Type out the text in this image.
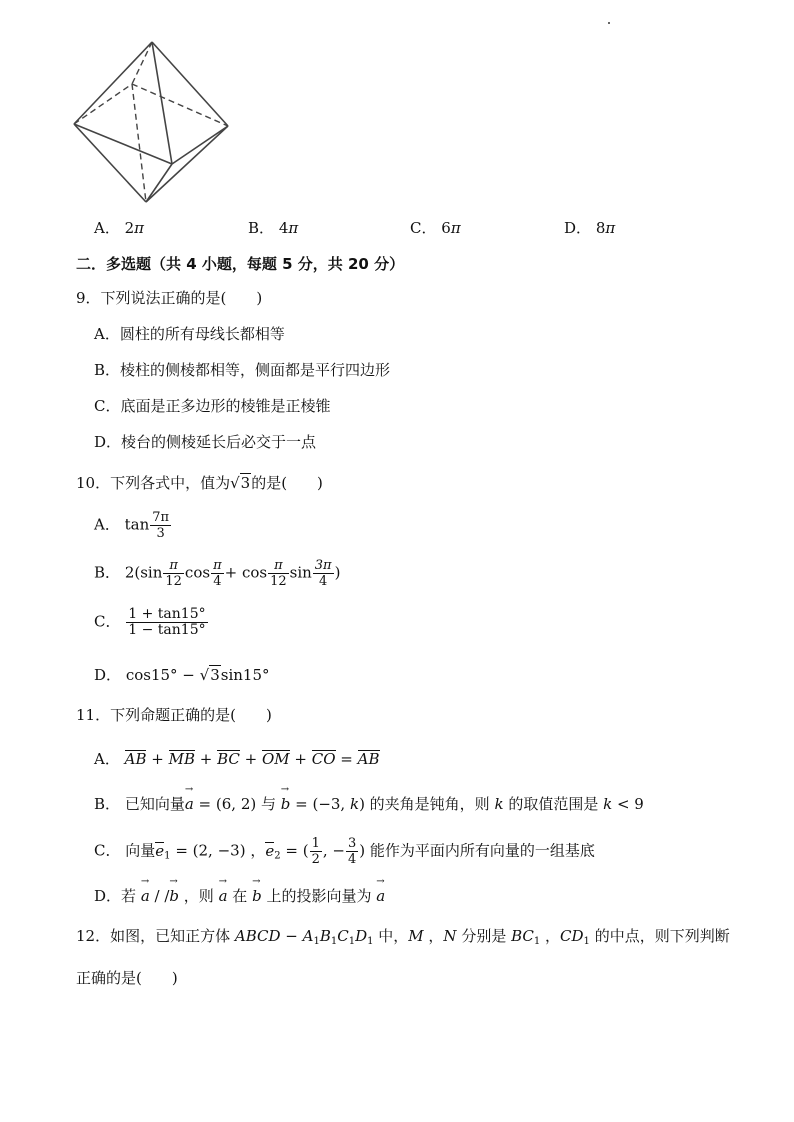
A． 2π	B． 4π	C． 6π	D． 8π
二．多选题（共 4 小题，每题 5 分，共 20 分）
9．下列说法正确的是(　　)
A．圆柱的所有母线长都相等
B．棱柱的侧棱都相等，侧面都是平行四边形
C．底面是正多边形的棱锥是正棱锥
D．棱台的侧棱延长后必交于一点
10．下列各式中，值为√3的是(　　)
A． $\tan \frac{7\pi}{3}$
B． $2(\sin \frac{\pi}{12}$ $\cos \frac{\pi}{4} + \cos \frac{\pi}{12}$ $\sin \frac{3\pi}{4}$ )
C． $\frac{1 + \tan 15^\circ}{1 - \tan 15^\circ}$
D． cos15° − √3sin15°
11．下列命题正确的是(　　)
A． AB + MB + BC + OM + CO = AB
B． 已知向量→ a = (6, 2) 与 → b = (−3, k) 的夹角是钝角，则 k 的取值范围是 k < 9
C． 向量$e_1 = (2$, −3) ，$e_2$ = ( $\frac{1}{2}$ , − $\frac{3}{4}$ ) 能作为平面内所有向量的一组基底
D．若 → a / /→ b ，则 → a 在 → b 上的投影向量为 → a
12．如图，已知正方体 ABCD − $A_1B_1C_1D_1$ 中，M ，N 分别是 $BC_1$ ，$CD_1$ 的中点，则下列判断
正确的是(　　)
